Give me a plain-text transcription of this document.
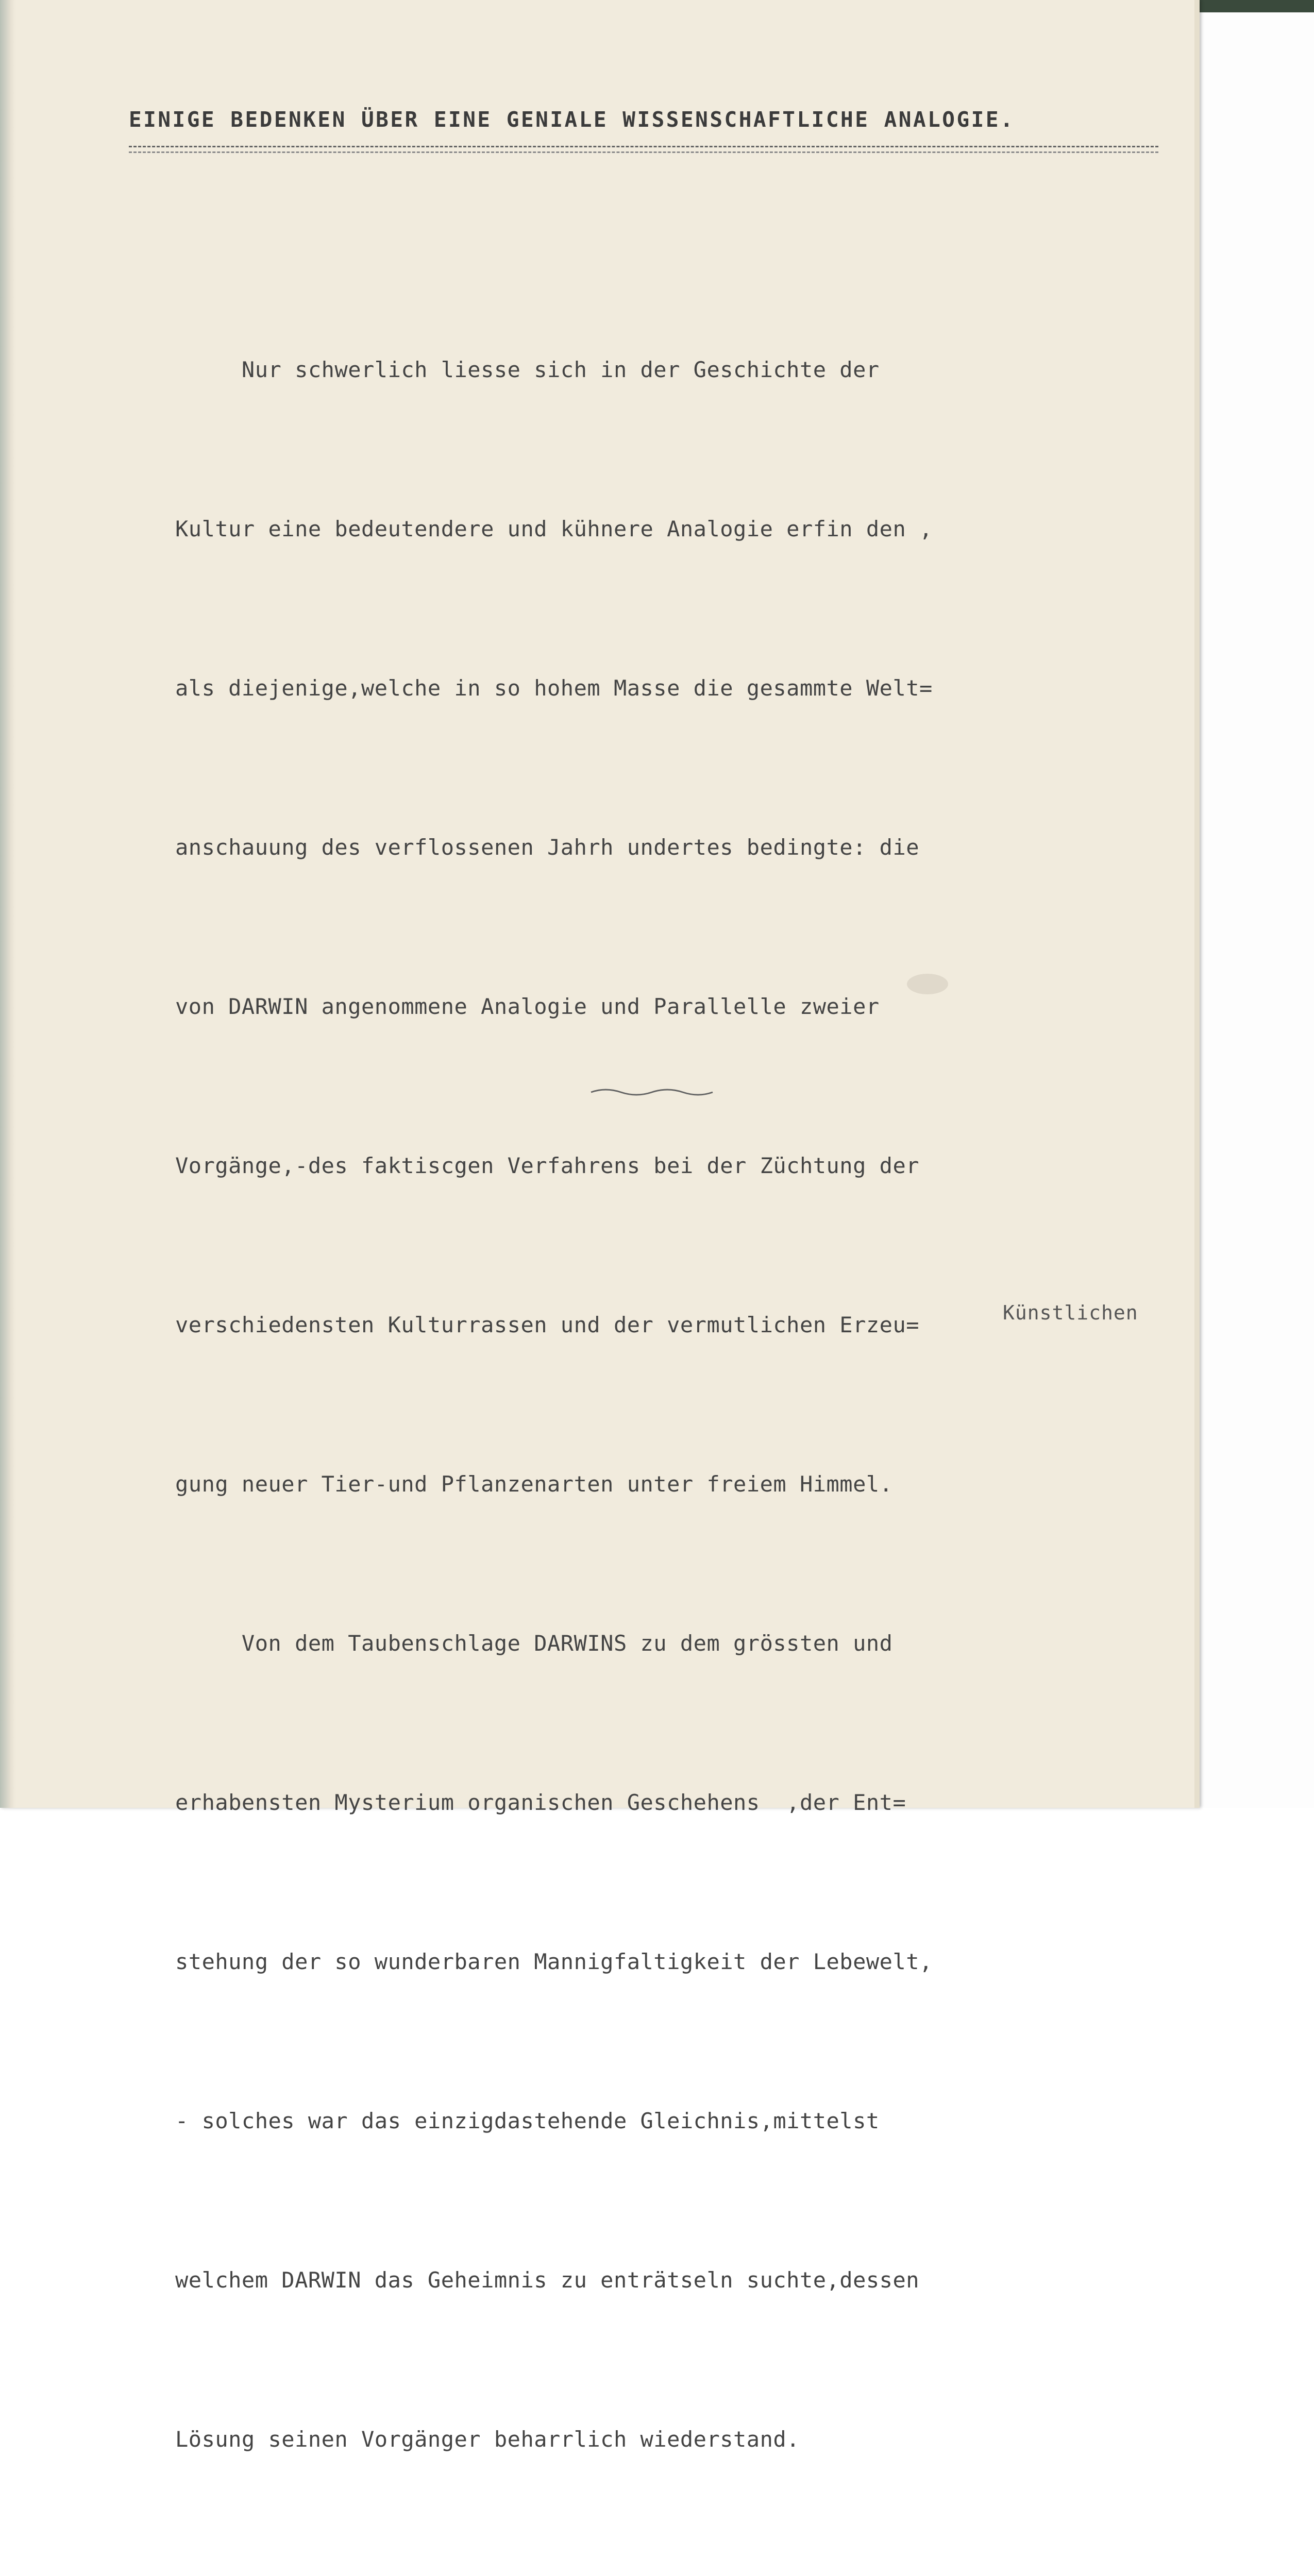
EINIGE BEDENKEN ÜBER EINE GENIALE WISSENSCHAFTLICHE ANALOGIE.
Künstlichen

Nur schwerlich liesse sich in der Geschichte der

Kultur eine bedeutendere und kühnere Analogie erfin den ,

als diejenige,welche in so hohem Masse die gesammte Welt=

anschauung des verflossenen Jahrh undertes bedingte: die

von DARWIN angenommene Analogie und Parallelle zweier

Vorgänge,-des faktiscgen Verfahrens bei der Züchtung der

verschiedensten Kulturrassen und der vermutlichen Erzeu=

gung neuer Tier-und Pflanzenarten unter freiem Himmel.

Von dem Taubenschlage DARWINS zu dem grössten und

erhabensten Mysterium organischen Geschehens  ,der Ent=

stehung der so wunderbaren Mannigfaltigkeit der Lebewelt,

- solches war das einzigdastehende Gleichnis,mittelst

welchem DARWIN das Geheimnis zu enträtseln suchte,dessen

Lösung seinen Vorgänger beharrlich wiederstand.
